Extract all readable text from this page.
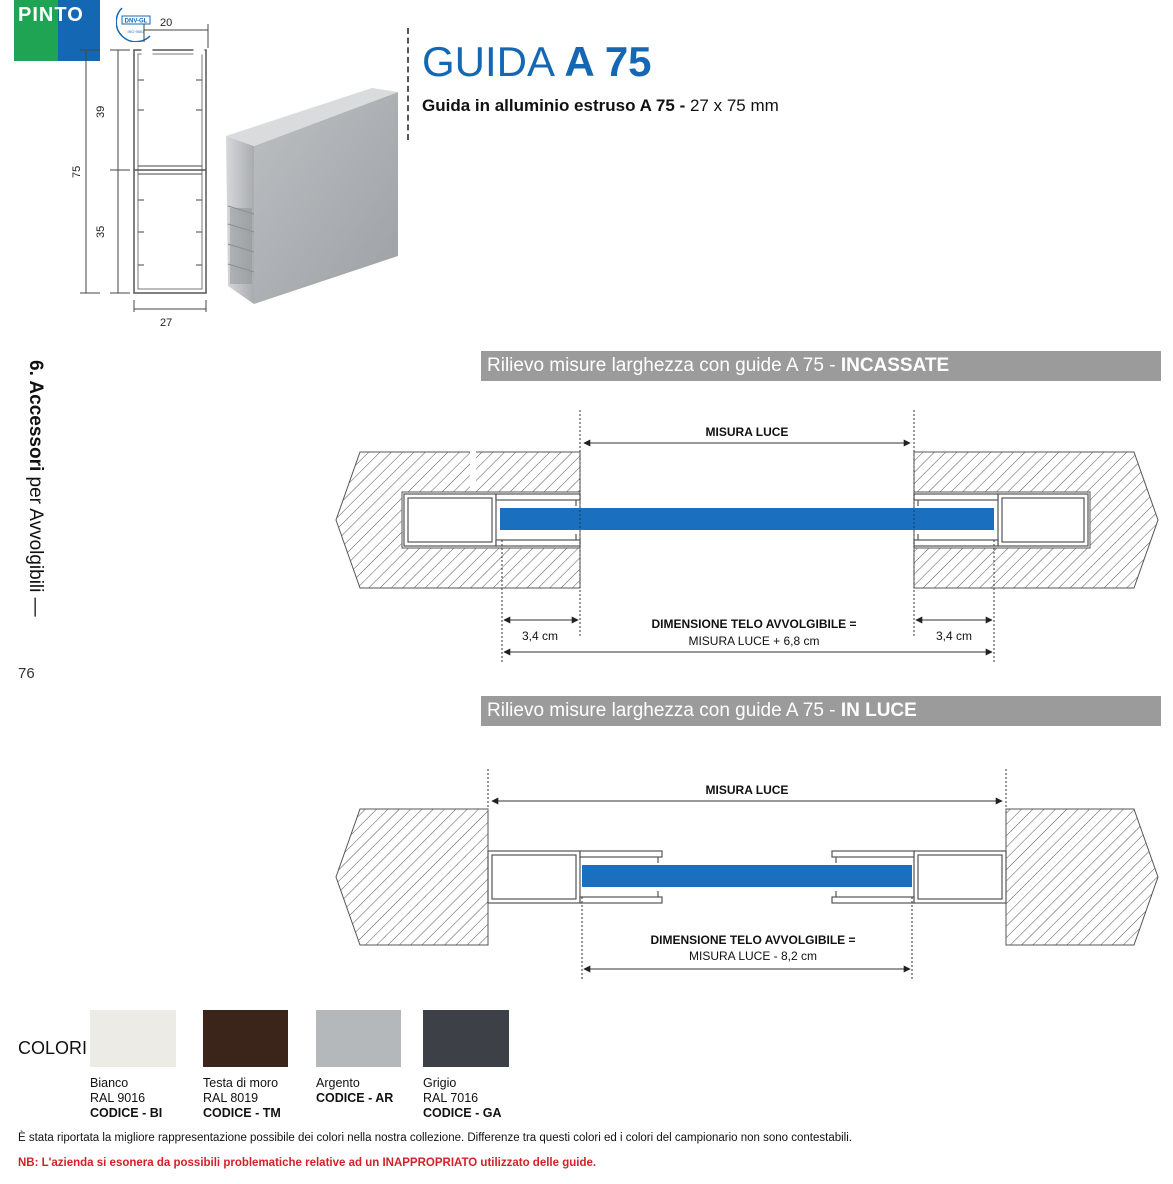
PINTO	DNV-GL
ISO 9001
20
39
75
35
27
GUIDA A 75
Guida in alluminio estruso A 75 - 27 x 75 mm
6. Accessori per Avvolgibili —
76
Rilievo misure larghezza con guide A 75 - INCASSATE
MISURA LUCE
3,4 cm	3,4 cm
DIMENSIONE TELO AVVOLGIBILE =
MISURA LUCE + 6,8 cm
Rilievo misure larghezza con guide A 75 - IN LUCE
MISURA LUCE
DIMENSIONE TELO AVVOLGIBILE =
MISURA LUCE - 8,2 cm
COLORI
Bianco
RAL 9016
CODICE - BI
Testa di moro
RAL 8019
CODICE - TM
Argento
CODICE - AR
Grigio
RAL 7016
CODICE - GA
È stata riportata la migliore rappresentazione possibile dei colori nella nostra collezione. Differenze tra questi colori ed i colori del campionario non sono contestabili.
NB: L'azienda si esonera da possibili problematiche relative ad un INAPPROPRIATO utilizzato delle guide.
